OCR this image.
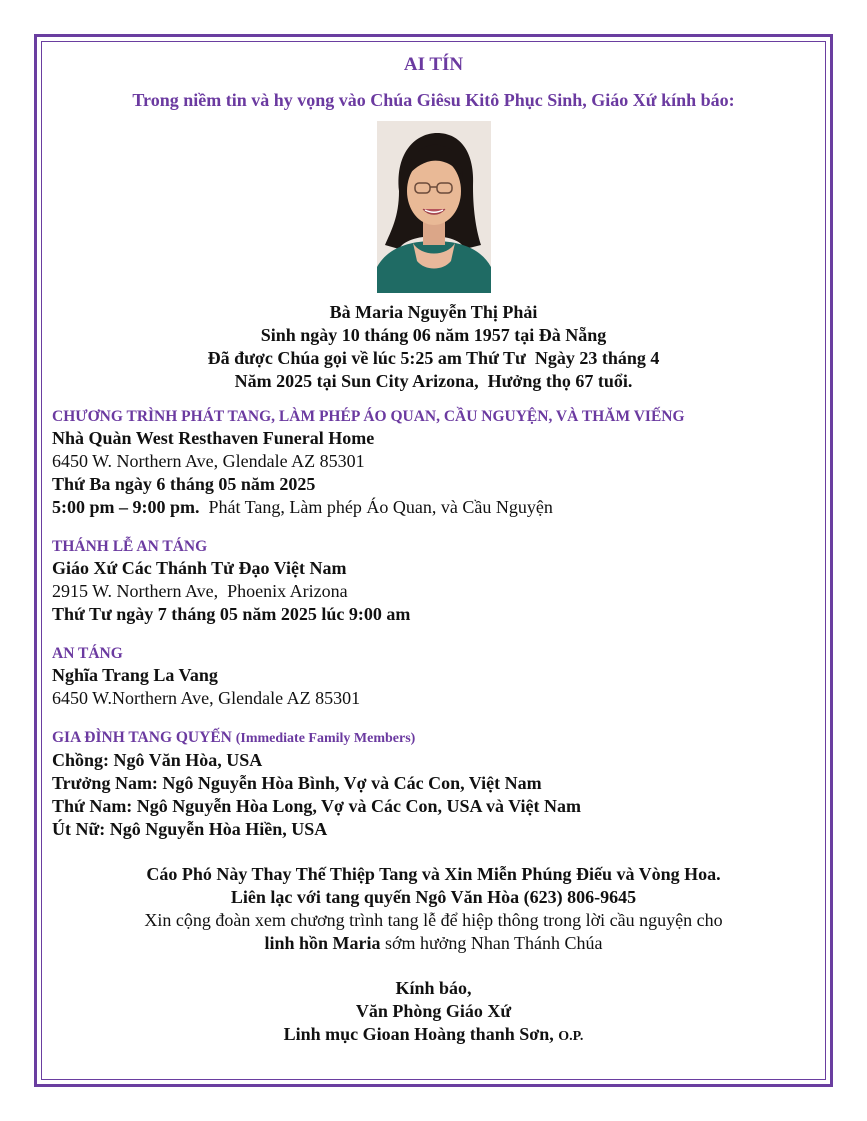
AI TÍN
Trong niềm tin và hy vọng vào Chúa Giêsu Kitô Phục Sinh, Giáo Xứ kính báo:
Bà Maria Nguyễn Thị Phải
Sinh ngày 10 tháng 06 năm 1957 tại Đà Nẵng
Đã được Chúa gọi về lúc 5:25 am Thứ Tư  Ngày 23 tháng 4
Năm 2025 tại Sun City Arizona,  Hưởng thọ 67 tuổi.
CHƯƠNG TRÌNH PHÁT TANG, LÀM PHÉP ÁO QUAN, CẦU NGUYỆN, VÀ THĂM VIẾNG
Nhà Quàn West Resthaven Funeral Home
6450 W. Northern Ave, Glendale AZ 85301
Thứ Ba ngày 6 tháng 05 năm 2025
5:00 pm – 9:00 pm. Phát Tang, Làm phép Áo Quan, và Cầu Nguyện
THÁNH LỄ AN TÁNG
Giáo Xứ Các Thánh Tử Đạo Việt Nam
2915 W. Northern Ave,  Phoenix Arizona
Thứ Tư ngày 7 tháng 05 năm 2025 lúc 9:00 am
AN TÁNG
Nghĩa Trang La Vang
6450 W.Northern Ave, Glendale AZ 85301
GIA ĐÌNH TANG QUYẾN (Immediate Family Members)
Chồng: Ngô Văn Hòa, USA
Trưởng Nam: Ngô Nguyễn Hòa Bình, Vợ và Các Con, Việt Nam
Thứ Nam: Ngô Nguyễn Hòa Long, Vợ và Các Con, USA và Việt Nam
Út Nữ: Ngô Nguyễn Hòa Hiền, USA
Cáo Phó Này Thay Thế Thiệp Tang và Xin Miễn Phúng Điếu và Vòng Hoa.
Liên lạc với tang quyến Ngô Văn Hòa (623) 806-9645
Xin cộng đoàn xem chương trình tang lễ để hiệp thông trong lời cầu nguyện cho
linh hồn Maria sớm hưởng Nhan Thánh Chúa
Kính báo,
Văn Phòng Giáo Xứ
Linh mục Gioan Hoàng thanh Sơn, O.P.
